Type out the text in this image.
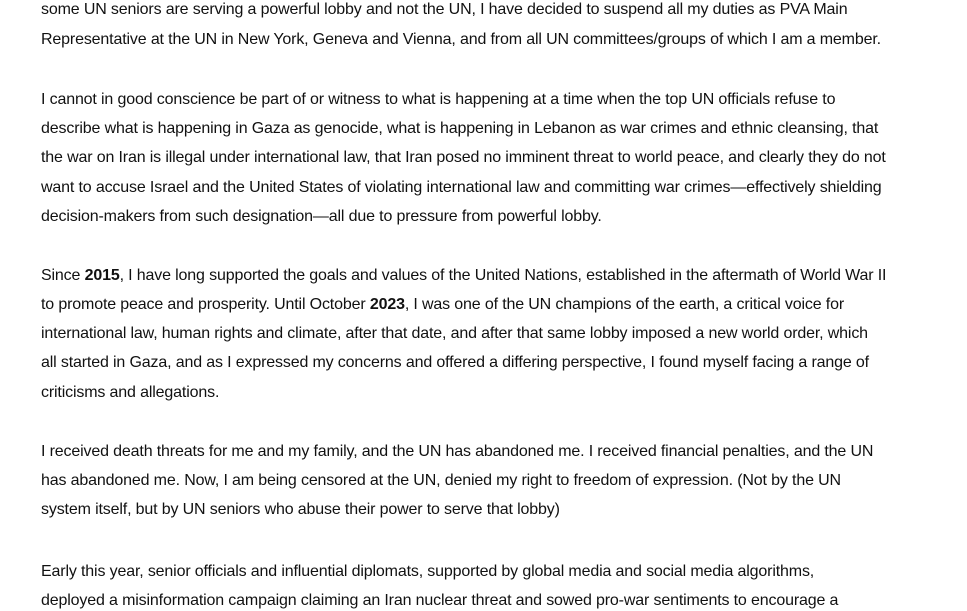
some UN seniors are serving a powerful lobby and not the UN, I have decided to suspend all my duties as PVA Main
Representative at the UN in New York, Geneva and Vienna, and from all UN committees/groups of which I am a member.
I cannot in good conscience be part of or witness to what is happening at a time when the top UN officials refuse to
describe what is happening in Gaza as genocide, what is happening in Lebanon as war crimes and ethnic cleansing, that
the war on Iran is illegal under international law, that Iran posed no imminent threat to world peace, and clearly they do not
want to accuse Israel and the United States of violating international law and committing war crimes—effectively shielding
decision-makers from such designation—all due to pressure from powerful lobby.
Since 2015, I have long supported the goals and values of the United Nations, established in the aftermath of World War II
to promote peace and prosperity. Until October 2023, I was one of the UN champions of the earth, a critical voice for
international law, human rights and climate, after that date, and after that same lobby imposed a new world order, which
all started in Gaza, and as I expressed my concerns and offered a differing perspective, I found myself facing a range of
criticisms and allegations.
I received death threats for me and my family, and the UN has abandoned me. I received financial penalties, and the UN
has abandoned me. Now, I am being censored at the UN, denied my right to freedom of expression. (Not by the UN
system itself, but by UN seniors who abuse their power to serve that lobby)
Early this year, senior officials and influential diplomats, supported by global media and social media algorithms,
deployed a misinformation campaign claiming an Iran nuclear threat and sowed pro-war sentiments to encourage a
